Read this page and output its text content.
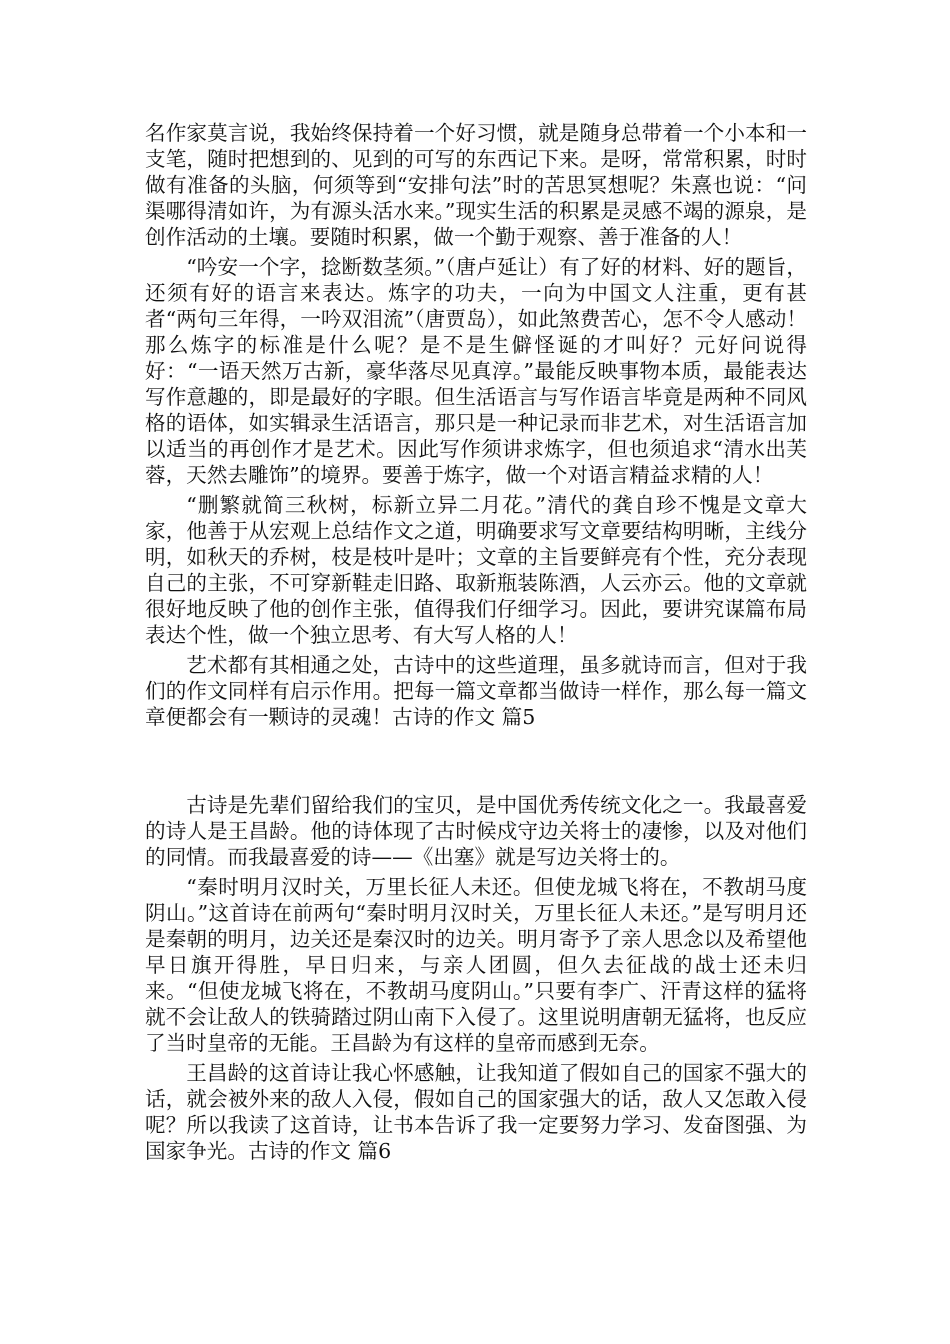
名作家莫言说，我始终保持着一个好习惯，就是随身总带着一个小本和一支笔，随时把想到的、见到的可写的东西记下来。是呀，常常积累，时时做有准备的头脑，何须等到“安排句法”时的苦思冥想呢？朱熹也说：“问渠哪得清如许，为有源头活水来。”现实生活的积累是灵感不竭的源泉，是创作活动的土壤。要随时积累，做一个勤于观察、善于准备的人！

“吟安一个字，捻断数茎须。”（唐卢延让）有了好的材料、好的题旨，还须有好的语言来表达。炼字的功夫，一向为中国文人注重，更有甚者“两句三年得，一吟双泪流”（唐贾岛），如此煞费苦心，怎不令人感动！那么炼字的标准是什么呢？是不是生僻怪诞的才叫好？元好问说得好：“一语天然万古新，豪华落尽见真淳。”最能反映事物本质，最能表达写作意趣的，即是最好的字眼。但生活语言与写作语言毕竟是两种不同风格的语体，如实辑录生活语言，那只是一种记录而非艺术，对生活语言加以适当的再创作才是艺术。因此写作须讲求炼字，但也须追求“清水出芙蓉，天然去雕饰”的境界。要善于炼字，做一个对语言精益求精的人！

“删繁就简三秋树，标新立异二月花。”清代的龚自珍不愧是文章大家，他善于从宏观上总结作文之道，明确要求写文章要结构明晰，主线分明，如秋天的乔树，枝是枝叶是叶；文章的主旨要鲜亮有个性，充分表现自己的主张，不可穿新鞋走旧路、取新瓶装陈酒，人云亦云。他的文章就很好地反映了他的创作主张，值得我们仔细学习。因此，要讲究谋篇布局表达个性，做一个独立思考、有大写人格的人！

艺术都有其相通之处，古诗中的这些道理，虽多就诗而言，但对于我们的作文同样有启示作用。把每一篇文章都当做诗一样作，那么每一篇文章便都会有一颗诗的灵魂！古诗的作文 篇5

古诗是先辈们留给我们的宝贝，是中国优秀传统文化之一。我最喜爱的诗人是王昌龄。他的诗体现了古时候戍守边关将士的凄惨，以及对他们的同情。而我最喜爱的诗——《出塞》就是写边关将士的。

“秦时明月汉时关，万里长征人未还。但使龙城飞将在，不教胡马度阴山。”这首诗在前两句“秦时明月汉时关，万里长征人未还。”是写明月还是秦朝的明月，边关还是秦汉时的边关。明月寄予了亲人思念以及希望他早日旗开得胜，早日归来，与亲人团圆，但久去征战的战士还未归来。“但使龙城飞将在，不教胡马度阴山。”只要有李广、汗青这样的猛将就不会让敌人的铁骑踏过阴山南下入侵了。这里说明唐朝无猛将，也反应了当时皇帝的无能。王昌龄为有这样的皇帝而感到无奈。

王昌龄的这首诗让我心怀感触，让我知道了假如自己的国家不强大的话，就会被外来的敌人入侵，假如自己的国家强大的话，敌人又怎敢入侵呢？所以我读了这首诗，让书本告诉了我一定要努力学习、发奋图强、为国家争光。古诗的作文 篇6
